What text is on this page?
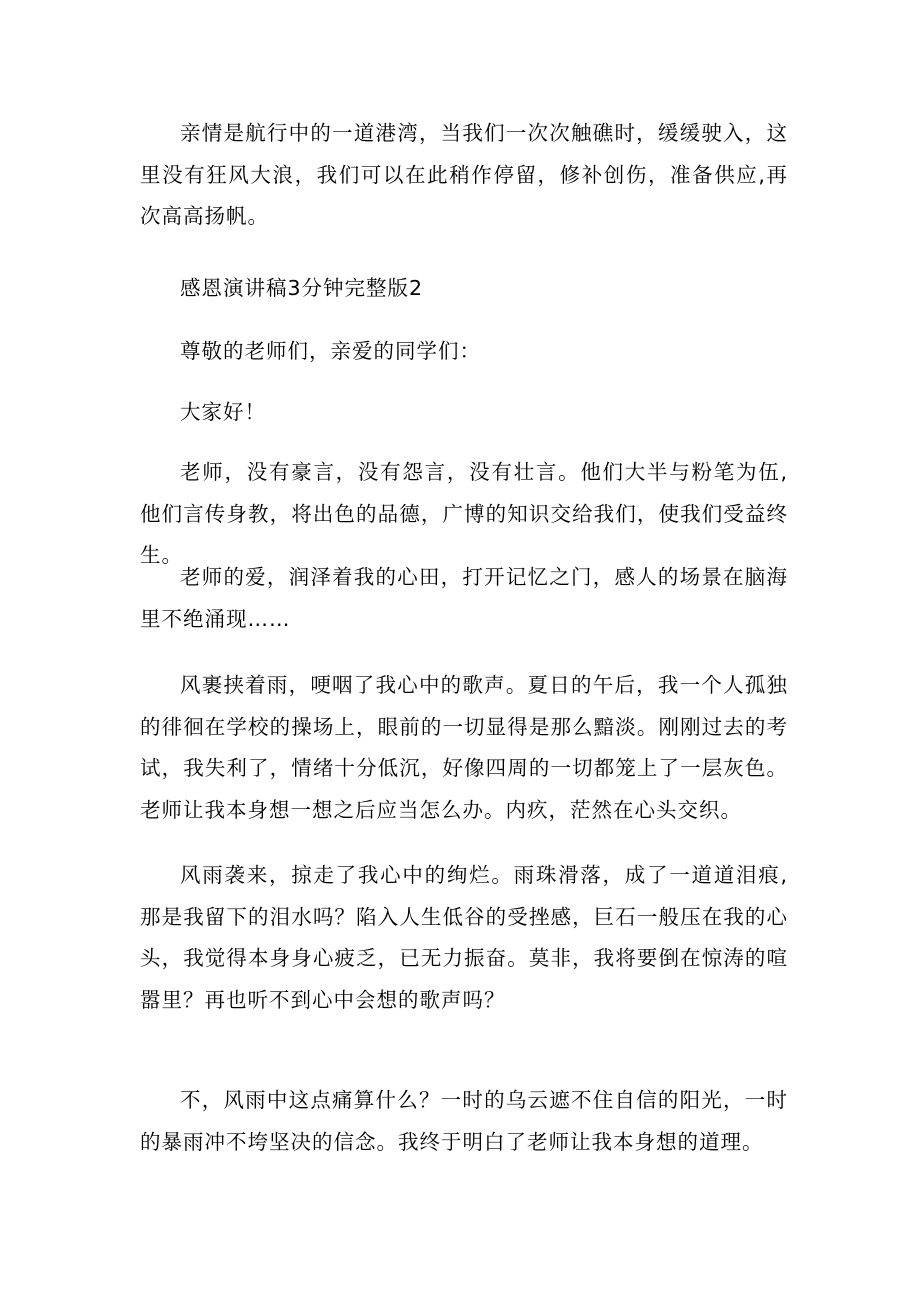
亲情是航行中的一道港湾，当我们一次次触礁时，缓缓驶入，这里没有狂风大浪，我们可以在此稍作停留，修补创伤，准备供应,再次高高扬帆。

感恩演讲稿3分钟完整版2

尊敬的老师们，亲爱的同学们：

大家好！

老师，没有豪言，没有怨言，没有壮言。他们大半与粉笔为伍,他们言传身教，将出色的品德，广博的知识交给我们，使我们受益终生。

老师的爱，润泽着我的心田，打开记忆之门，感人的场景在脑海里不绝涌现……

风裹挟着雨，哽咽了我心中的歌声。夏日的午后，我一个人孤独的徘徊在学校的操场上，眼前的一切显得是那么黯淡。刚刚过去的考试，我失利了，情绪十分低沉，好像四周的一切都笼上了一层灰色。老师让我本身想一想之后应当怎么办。内疚，茫然在心头交织。

风雨袭来，掠走了我心中的绚烂。雨珠滑落，成了一道道泪痕,那是我留下的泪水吗？陷入人生低谷的受挫感，巨石一般压在我的心头，我觉得本身身心疲乏，已无力振奋。莫非，我将要倒在惊涛的喧嚣里？再也听不到心中会想的歌声吗？

不，风雨中这点痛算什么？一时的乌云遮不住自信的阳光，一时的暴雨冲不垮坚决的信念。我终于明白了老师让我本身想的道理。
